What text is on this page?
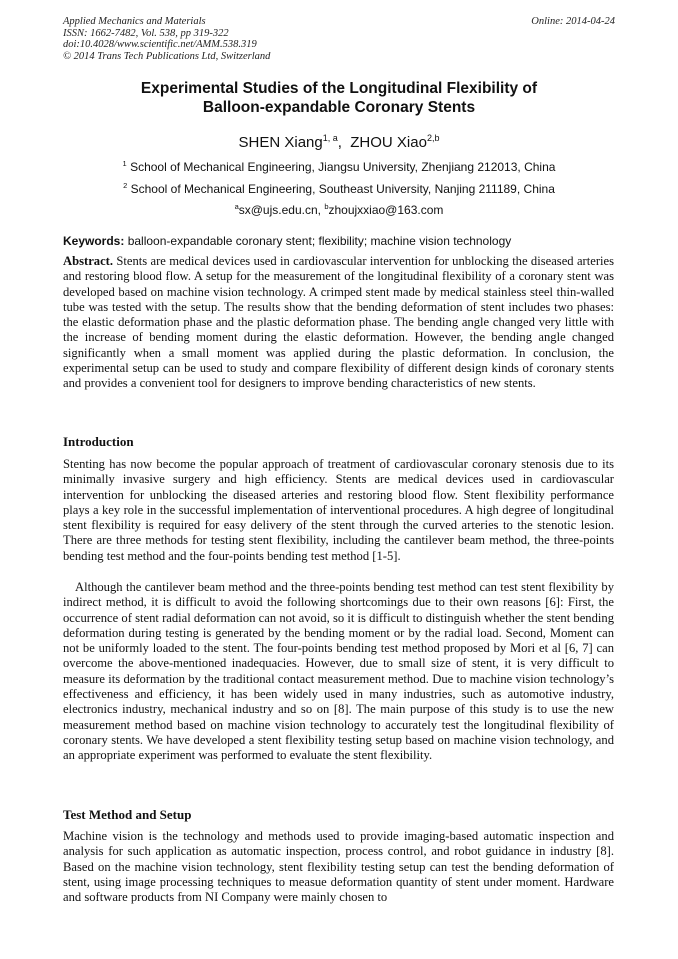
Applied Mechanics and Materials
ISSN: 1662-7482, Vol. 538, pp 319-322
doi:10.4028/www.scientific.net/AMM.538.319
© 2014 Trans Tech Publications Ltd, Switzerland
Online: 2014-04-24
Experimental Studies of the Longitudinal Flexibility of
Balloon-expandable Coronary Stents
SHEN Xiang$^{1, a}$,  ZHOU Xiao$^{2,b}$
$^1$ School of Mechanical Engineering, Jiangsu University, Zhenjiang 212013, China
$^2$ School of Mechanical Engineering, Southeast University, Nanjing 211189, China
$^a$sx@ujs.edu.cn, $^b$zhoujxxiao@163.com
Keywords: balloon-expandable coronary stent; flexibility; machine vision technology
Abstract. Stents are medical devices used in cardiovascular intervention for unblocking the diseased arteries and restoring blood flow. A setup for the measurement of the longitudinal flexibility of a coronary stent was developed based on machine vision technology. A crimped stent made by medical stainless steel thin-walled tube was tested with the setup. The results show that the bending deformation of stent includes two phases: the elastic deformation phase and the plastic deformation phase. The bending angle changed very little with the increase of bending moment during the elastic deformation. However, the bending angle changed significantly when a small moment was applied during the plastic deformation. In conclusion, the experimental setup can be used to study and compare flexibility of different design kinds of coronary stents and provides a convenient tool for designers to improve bending characteristics of new stents.
Introduction
Stenting has now become the popular approach of treatment of cardiovascular coronary stenosis due to its minimally invasive surgery and high efficiency. Stents are medical devices used in cardiovascular intervention for unblocking the diseased arteries and restoring blood flow. Stent flexibility performance plays a key role in the successful implementation of interventional procedures. A high degree of longitudinal stent flexibility is required for easy delivery of the stent through the curved arteries to the stenotic lesion. There are three methods for testing stent flexibility, including the cantilever beam method, the three-points bending test method and the four-points bending test method [1-5].
Although the cantilever beam method and the three-points bending test method can test stent flexibility by indirect method, it is difficult to avoid the following shortcomings due to their own reasons [6]: First, the occurrence of stent radial deformation can not avoid, so it is difficult to distinguish whether the stent bending deformation during testing is generated by the bending moment or by the radial load. Second, Moment can not be uniformly loaded to the stent. The four-points bending test method proposed by Mori et al [6, 7] can overcome the above-mentioned inadequacies. However, due to small size of stent, it is very difficult to measure its deformation by the traditional contact measurement method. Due to machine vision technology’s effectiveness and efficiency, it has been widely used in many industries, such as automotive industry, electronics industry, mechanical industry and so on [8]. The main purpose of this study is to use the new measurement method based on machine vision technology to accurately test the longitudinal flexibility of coronary stents. We have developed a stent flexibility testing setup based on machine vision technology, and an appropriate experiment was performed to evaluate the stent flexibility.
Test Method and Setup
Machine vision is the technology and methods used to provide imaging-based automatic inspection and analysis for such application as automatic inspection, process control, and robot guidance in industry [8]. Based on the machine vision technology, stent flexibility testing setup can test the bending deformation of stent, using image processing techniques to measue deformation quantity of stent under moment. Hardware and software products from NI Company were mainly chosen to
